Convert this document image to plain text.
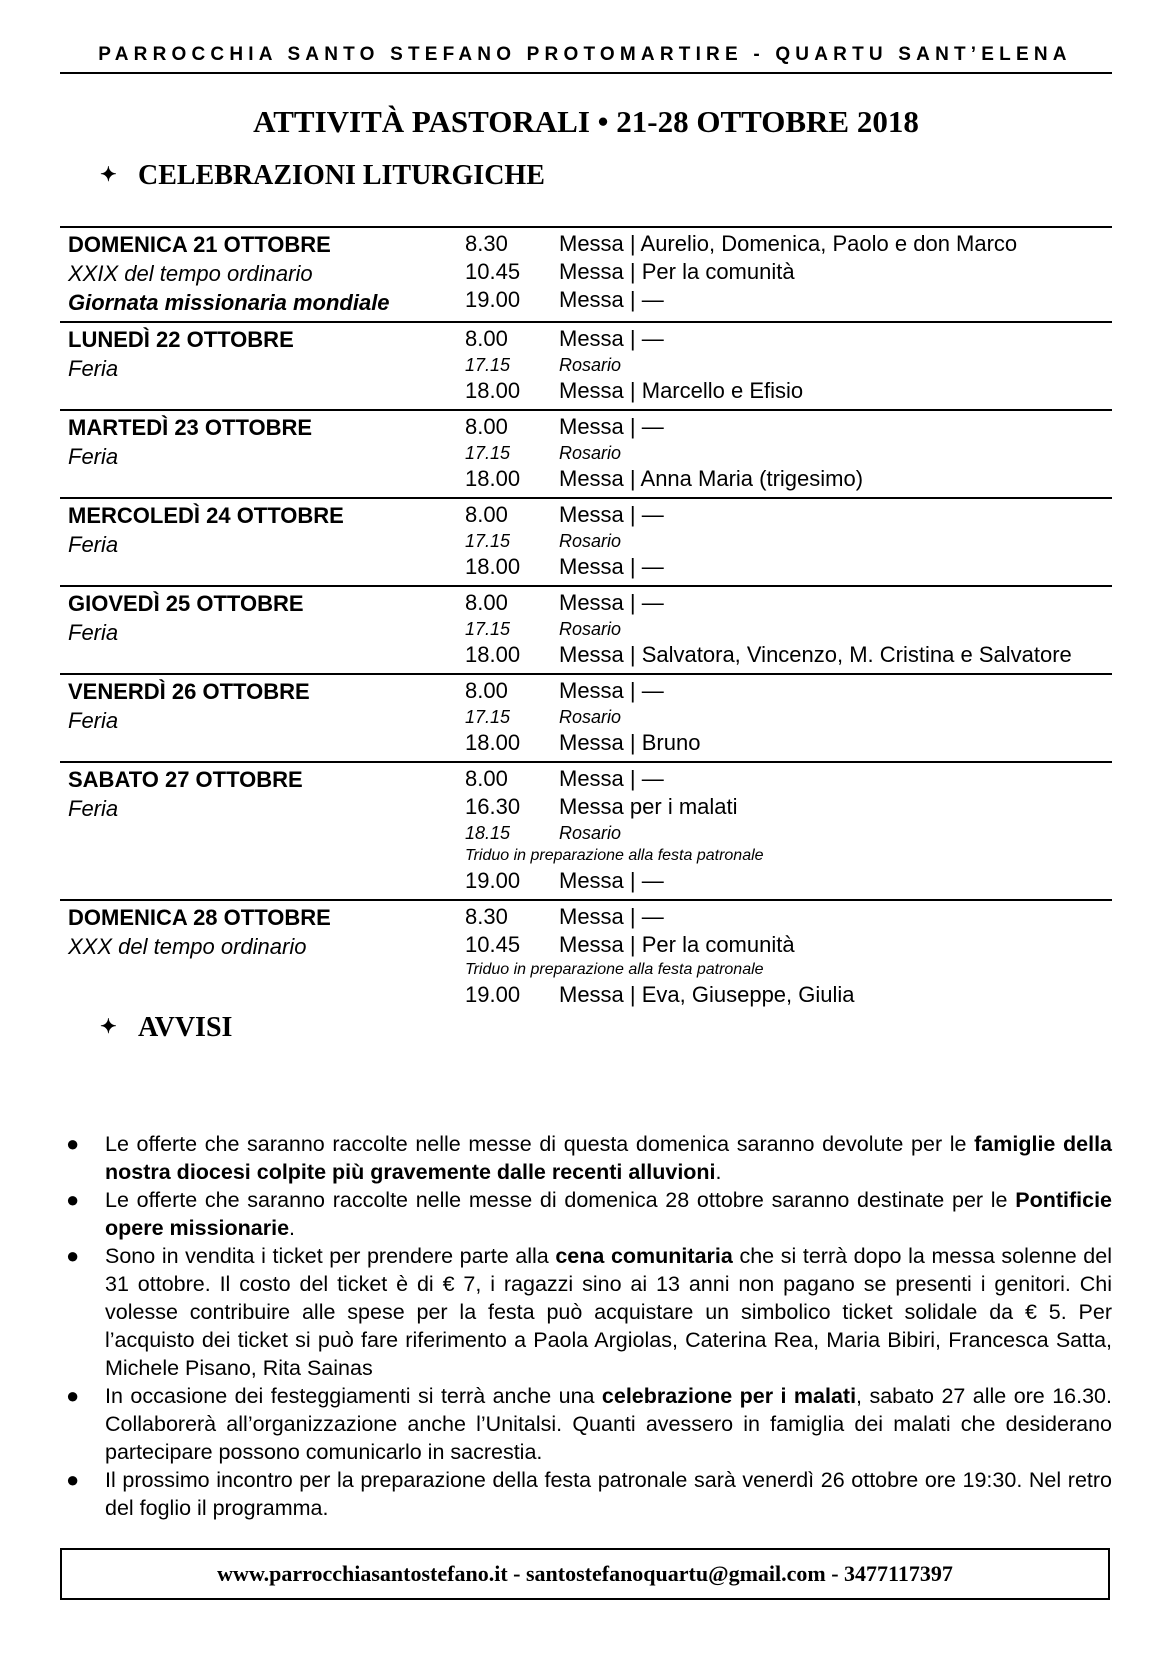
PARROCCHIA SANTO STEFANO PROTOMARTIRE - QUARTU SANT’ELENA
ATTIVITÀ PASTORALI • 21-28 OTTOBRE 2018
✦ CELEBRAZIONI LITURGICHE
DOMENICA 21 OTTOBRE
XXIX del tempo ordinario
Giornata missionaria mondiale
8.30	Messa | Aurelio, Domenica, Paolo e don Marco
10.45	Messa | Per la comunità
19.00	Messa | —
LUNEDÌ 22 OTTOBRE
Feria
8.00	Messa | —
17.15	Rosario
18.00	Messa | Marcello e Efisio
MARTEDÌ 23 OTTOBRE
Feria
8.00	Messa | —
17.15	Rosario
18.00	Messa | Anna Maria (trigesimo)
MERCOLEDÌ 24 OTTOBRE
Feria
8.00	Messa | —
17.15	Rosario
18.00	Messa | —
GIOVEDÌ 25 OTTOBRE
Feria
8.00	Messa | —
17.15	Rosario
18.00	Messa | Salvatora, Vincenzo, M. Cristina e Salvatore
VENERDÌ 26 OTTOBRE
Feria
8.00	Messa | —
17.15	Rosario
18.00	Messa | Bruno
SABATO 27 OTTOBRE
Feria
8.00	Messa | —
16.30	Messa per i malati
18.15	Rosario
Triduo in preparazione alla festa patronale
19.00	Messa | —
DOMENICA 28 OTTOBRE
XXX del tempo ordinario
8.30	Messa | —
10.45	Messa | Per la comunità
Triduo in preparazione alla festa patronale
19.00	Messa | Eva, Giuseppe, Giulia
✦ AVVISI
● Le offerte che saranno raccolte nelle messe di questa domenica saranno devolute per le famiglie della nostra diocesi colpite più gravemente dalle recenti alluvioni.
● Le offerte che saranno raccolte nelle messe di domenica 28 ottobre saranno destinate per le Pontificie opere missionarie.
● Sono in vendita i ticket per prendere parte alla cena comunitaria che si terrà dopo la messa solenne del 31 ottobre. Il costo del ticket è di € 7, i ragazzi sino ai 13 anni non pagano se presenti i genitori. Chi volesse contribuire alle spese per la festa può acquistare un simbolico ticket solidale da € 5. Per l’acquisto dei ticket si può fare riferimento a Paola Argiolas, Caterina Rea, Maria Bibiri, Francesca Satta, Michele Pisano, Rita Sainas
● In occasione dei festeggiamenti si terrà anche una celebrazione per i malati, sabato 27 alle ore 16.30. Collaborerà all’organizzazione anche l’Unitalsi. Quanti avessero in famiglia dei malati che desiderano partecipare possono comunicarlo in sacrestia.
● Il prossimo incontro per la preparazione della festa patronale sarà venerdì 26 ottobre ore 19:30. Nel retro del foglio il programma.
www.parrocchiasantostefano.it - santostefanoquartu@gmail.com - 3477117397
